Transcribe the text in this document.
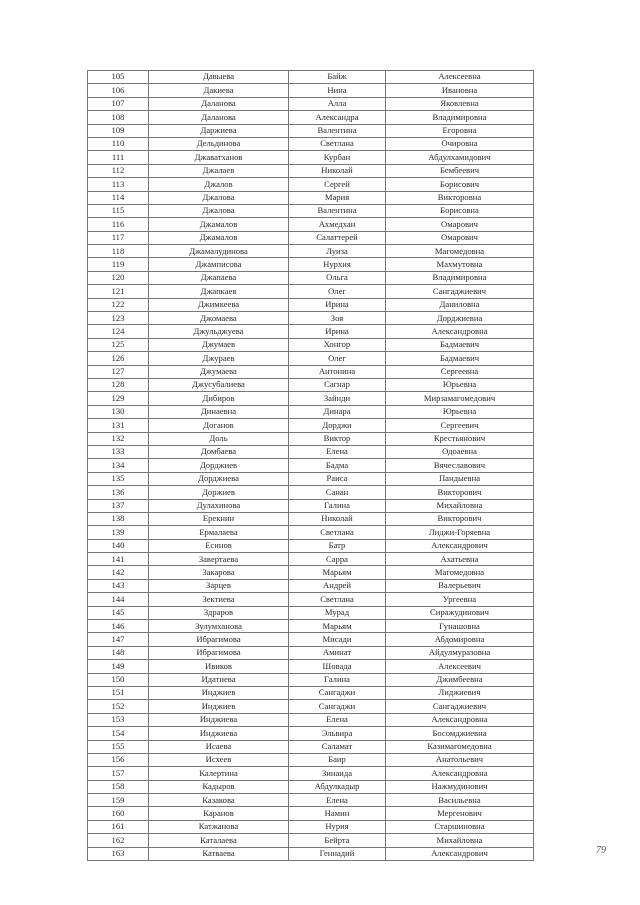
105	Давыева	Байж	Алексеевна
106	Дакиева	Нина	Ивановна
107	Даланова	Алла	Яковлевна
108	Даланова	Александра	Владимировна
109	Даржиева	Валентина	Егоровна
110	Дельдинова	Светлана	Очировна
111	Джаватханов	Курбан	Абдулхамидович
112	Джалаев	Николай	Бембеевич
113	Джалов	Сергей	Борисович
114	Джалова	Мария	Викторовна
115	Джалова	Валентина	Борисовна
116	Джамалов	Ахмедхан	Омарович
117	Джамалов	Салаттерей	Омарович
118	Джамалудинова	Луиза	Магомедовна
119	Джамписова	Нурхия	Махмутовна
120	Джапаева	Ольга	Владимировна
121	Джапкаев	Олег	Сангаджиевич
122	Джимкеева	Ирина	Даниловна
123	Джомаева	Зоя	Дорджиевна
124	Джульджуева	Ирина	Александровна
125	Джумаев	Хонгор	Бадмаевич
126	Джураев	Олег	Бадмаевич
127	Джумаева	Антонина	Сергеевна
128	Джусубалиева	Сагнар	Юрьевна
129	Дибиров	Зайнди	Мирзамагомедович
130	Динаевна	Динара	Юрьевна
131	Доганов	Дорджи	Сергеевич
132	Доль	Виктор	Крестьянович
133	Домбаева	Елена	Одоаевна
134	Дорджиев	Бадма	Вячеславович
135	Дорджиева	Раиса	Пандыевна
136	Доржиев	Санан	Викторович
137	Дулахинова	Галина	Михайловна
138	Ерекнин	Николай	Викторович
139	Ермалаева	Светлана	Лиджи-Горяевна
140	Есинов	Батр	Александрович
141	Завертаева	Сарра	Ахатьевна
142	Закарова	Марьям	Магомедовна
143	Зарцев	Андрей	Валерьевич
144	Зектиева	Светлана	Ургеевна
145	Здраров	Мурад	Сиражудинович
146	Зулумханова	Марьям	Гунашовна
147	Ибрагимова	Мисади	Абдомировна
148	Ибрагимова	Аминат	Айдулмуразовна
149	Ивиков	Шовада	Алексеевич
150	Идатиева	Галина	Джимбеевна
151	Инджиев	Сангаджи	Лиджиевич
152	Инджиев	Сангаджи	Сангаджиевич
153	Инджиева	Елена	Александровна
154	Инджиева	Эльвира	Босомджиевна
155	Исаева	Саламат	Казимагомедовна
156	Исхеев	Баир	Анатольевич
157	Калертина	Зинаида	Александровна
158	Кадыров	Абдулкадыр	Нажмудинович
159	Казакова	Елена	Васильевна
160	Каранов	Намин	Мергенович
161	Катжанова	Нурия	Старшиновна
162	Каталаева	Бейрта	Михайловна
163	Катваева	Геннадий	Александрович	79
